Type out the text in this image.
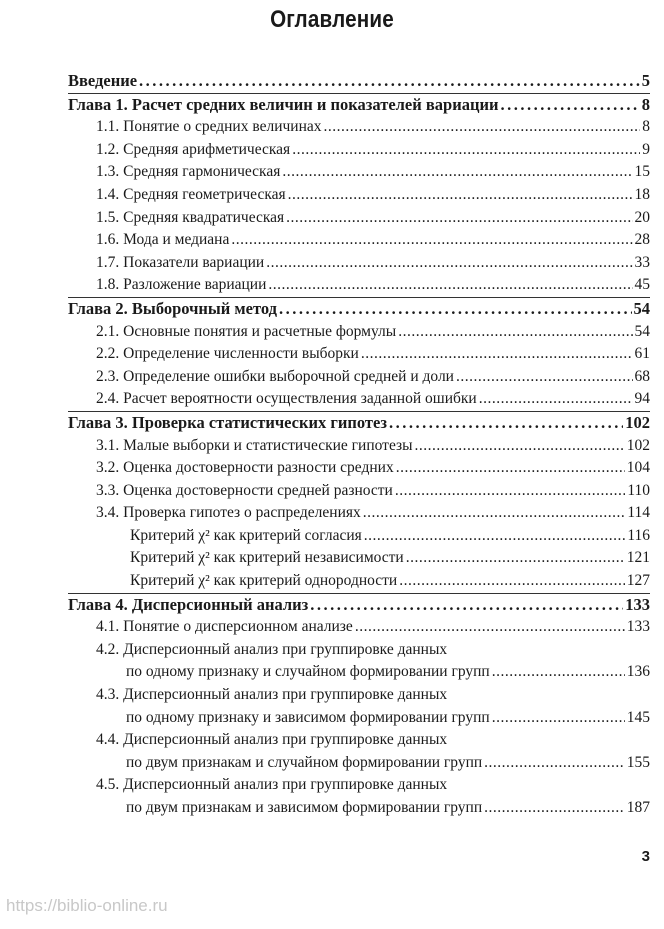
Оглавление
Введение .....	5
Глава 1. Расчет средних величин и показателей вариации .....	8
1.1. Понятие о средних величинах .....	8
1.2. Средняя арифметическая .....	9
1.3. Средняя гармоническая .....	15
1.4. Средняя геометрическая .....	18
1.5. Средняя квадратическая .....	20
1.6. Мода и медиана .....	28
1.7. Показатели вариации .....	33
1.8. Разложение вариации .....	45
Глава 2. Выборочный метод .....	54
2.1. Основные понятия и расчетные формулы .....	54
2.2. Определение численности выборки .....	61
2.3. Определение ошибки выборочной средней и доли .....	68
2.4. Расчет вероятности осуществления заданной ошибки .....	94
Глава 3. Проверка статистических гипотез .....	102
3.1. Малые выборки и статистические гипотезы .....	102
3.2. Оценка достоверности разности средних .....	104
3.3. Оценка достоверности средней разности .....	110
3.4. Проверка гипотез о распределениях .....	114
Критерий χ² как критерий согласия .....	116
Критерий χ² как критерий независимости .....	121
Критерий χ² как критерий однородности .....	127
Глава 4. Дисперсионный анализ .....	133
4.1. Понятие о дисперсионном анализе .....	133
4.2. Дисперсионный анализ при группировке данных
по одному признаку и случайном формировании групп .....	136
4.3. Дисперсионный анализ при группировке данных
по одному признаку и зависимом формировании групп .....	145
4.4. Дисперсионный анализ при группировке данных
по двум признакам и случайном формировании групп .....	155
4.5. Дисперсионный анализ при группировке данных
по двум признакам и зависимом формировании групп .....	187
3
https://biblio-online.ru
